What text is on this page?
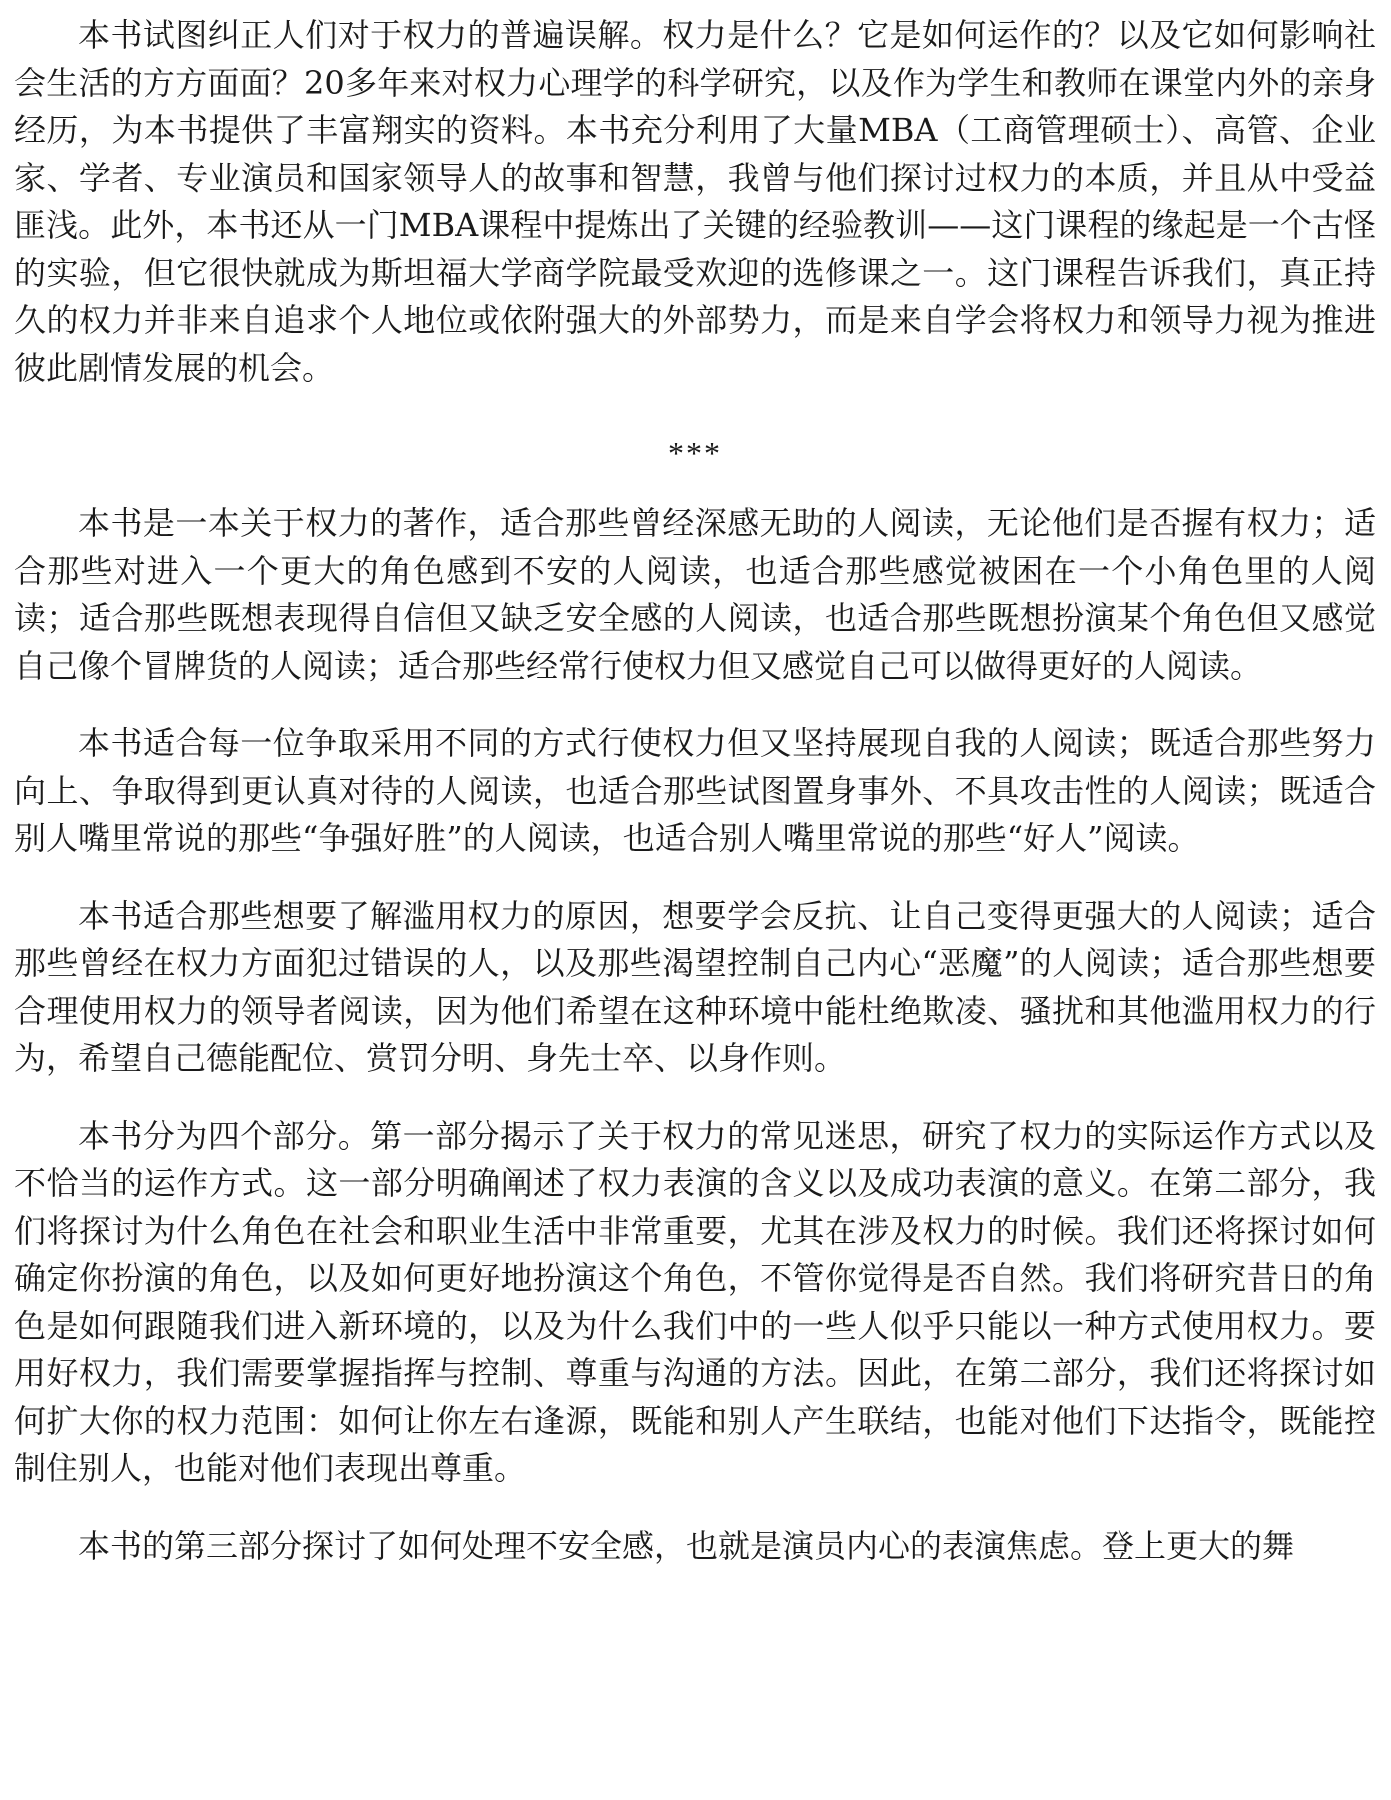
本书试图纠正人们对于权力的普遍误解。权力是什么？它是如何运作的？以及它如何影响社会生活的方方面面？20多年来对权力心理学的科学研究，以及作为学生和教师在课堂内外的亲身经历，为本书提供了丰富翔实的资料。本书充分利用了大量MBA（工商管理硕士）、高管、企业家、学者、专业演员和国家领导人的故事和智慧，我曾与他们探讨过权力的本质，并且从中受益匪浅。此外，本书还从一门MBA课程中提炼出了关键的经验教训——这门课程的缘起是一个古怪的实验，但它很快就成为斯坦福大学商学院最受欢迎的选修课之一。这门课程告诉我们，真正持久的权力并非来自追求个人地位或依附强大的外部势力，而是来自学会将权力和领导力视为推进彼此剧情发展的机会。

***

本书是一本关于权力的著作，适合那些曾经深感无助的人阅读，无论他们是否握有权力；适合那些对进入一个更大的角色感到不安的人阅读，也适合那些感觉被困在一个小角色里的人阅读；适合那些既想表现得自信但又缺乏安全感的人阅读，也适合那些既想扮演某个角色但又感觉自己像个冒牌货的人阅读；适合那些经常行使权力但又感觉自己可以做得更好的人阅读。

本书适合每一位争取采用不同的方式行使权力但又坚持展现自我的人阅读；既适合那些努力向上、争取得到更认真对待的人阅读，也适合那些试图置身事外、不具攻击性的人阅读；既适合别人嘴里常说的那些“争强好胜”的人阅读，也适合别人嘴里常说的那些“好人”阅读。

本书适合那些想要了解滥用权力的原因，想要学会反抗、让自己变得更强大的人阅读；适合那些曾经在权力方面犯过错误的人，以及那些渴望控制自己内心“恶魔”的人阅读；适合那些想要合理使用权力的领导者阅读，因为他们希望在这种环境中能杜绝欺凌、骚扰和其他滥用权力的行为，希望自己德能配位、赏罚分明、身先士卒、以身作则。

本书分为四个部分。第一部分揭示了关于权力的常见迷思，研究了权力的实际运作方式以及不恰当的运作方式。这一部分明确阐述了权力表演的含义以及成功表演的意义。在第二部分，我们将探讨为什么角色在社会和职业生活中非常重要，尤其在涉及权力的时候。我们还将探讨如何确定你扮演的角色，以及如何更好地扮演这个角色，不管你觉得是否自然。我们将研究昔日的角色是如何跟随我们进入新环境的，以及为什么我们中的一些人似乎只能以一种方式使用权力。要用好权力，我们需要掌握指挥与控制、尊重与沟通的方法。因此，在第二部分，我们还将探讨如何扩大你的权力范围：如何让你左右逢源，既能和别人产生联结，也能对他们下达指令，既能控制住别人，也能对他们表现出尊重。

本书的第三部分探讨了如何处理不安全感，也就是演员内心的表演焦虑。登上更大的舞
